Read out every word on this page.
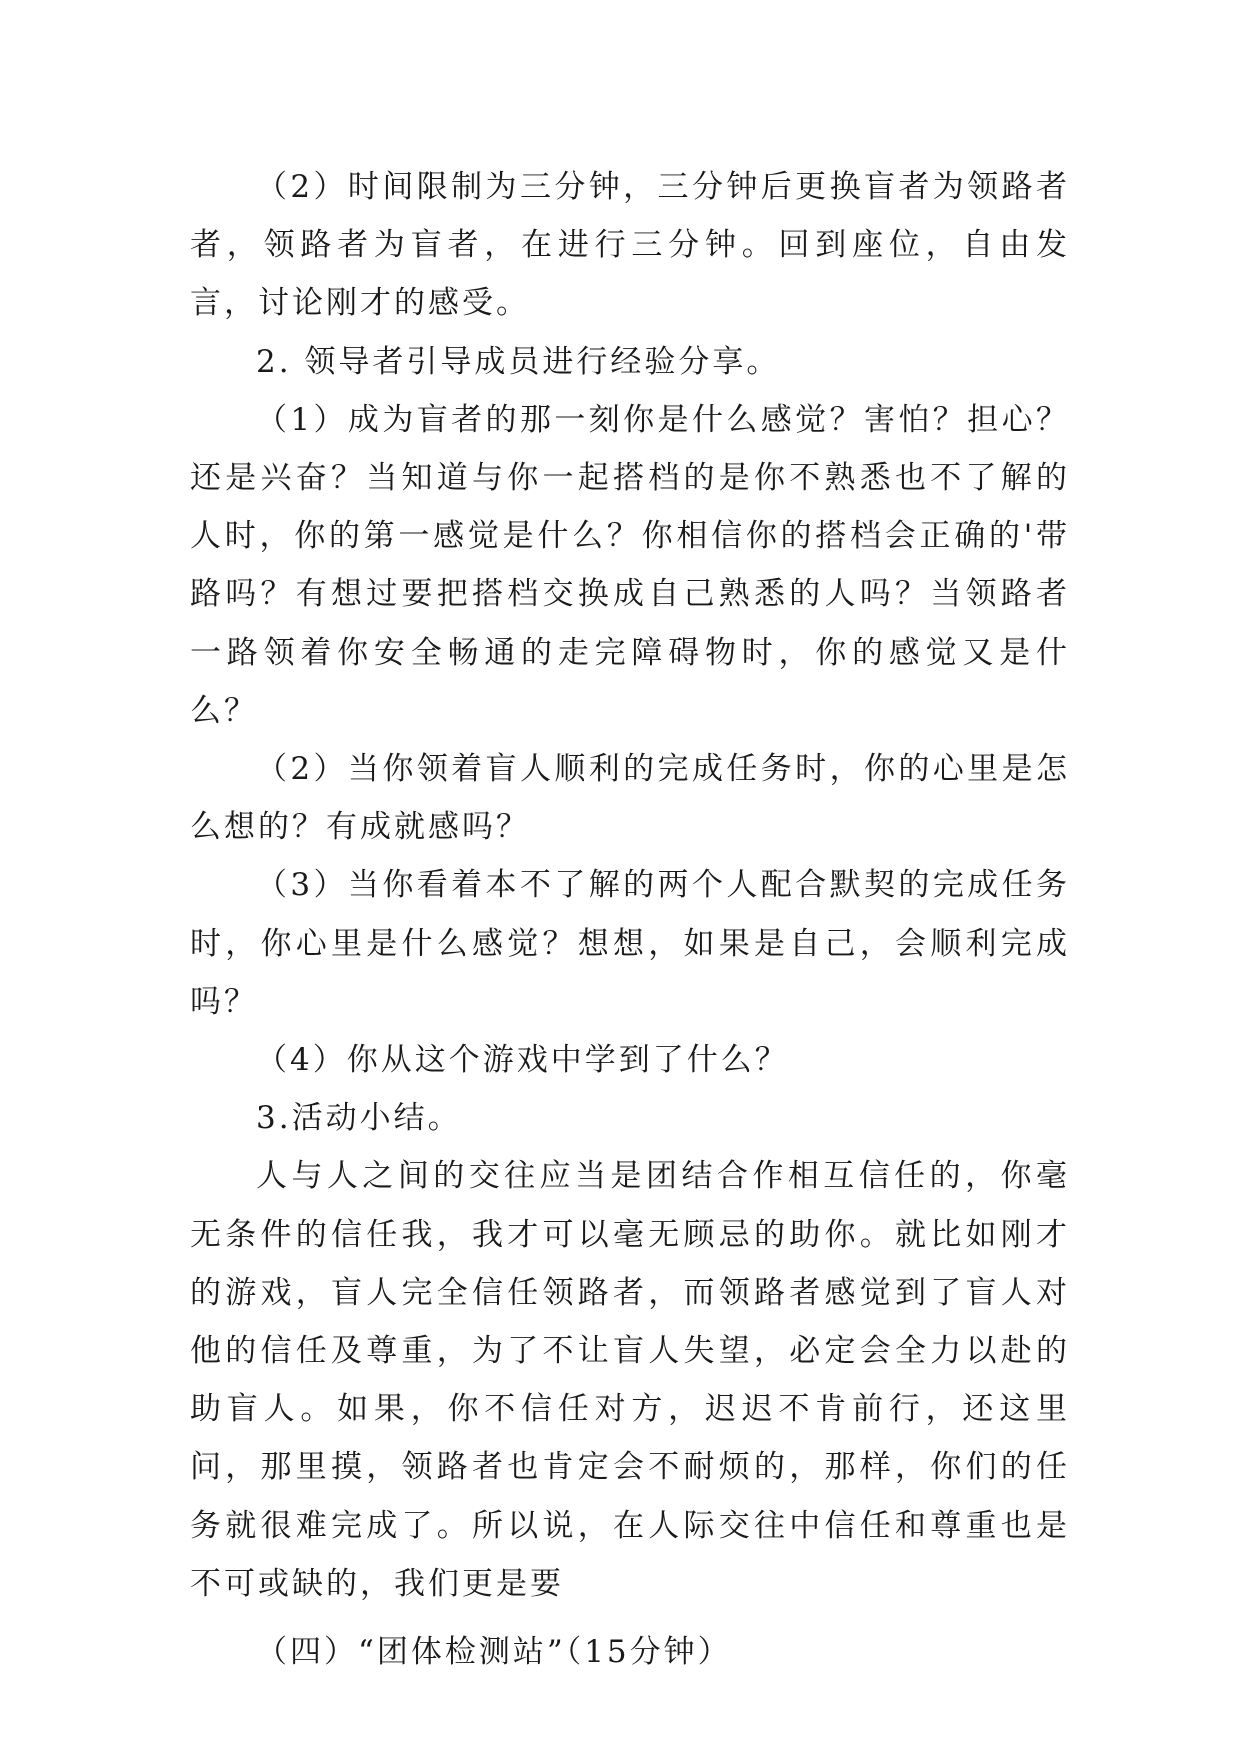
（2）时间限制为三分钟，三分钟后更换盲者为领路者者，领路者为盲者，在进行三分钟。回到座位，自由发言，讨论刚才的感受。

2. 领导者引导成员进行经验分享。

（1）成为盲者的那一刻你是什么感觉？害怕？担心？还是兴奋？当知道与你一起搭档的是你不熟悉也不了解的人时，你的第一感觉是什么？你相信你的搭档会正确的'带路吗？有想过要把搭档交换成自己熟悉的人吗？当领路者一路领着你安全畅通的走完障碍物时，你的感觉又是什么？

（2）当你领着盲人顺利的完成任务时，你的心里是怎么想的？有成就感吗？

（3）当你看着本不了解的两个人配合默契的完成任务时，你心里是什么感觉？想想，如果是自己，会顺利完成吗？

（4）你从这个游戏中学到了什么？

3.活动小结。

人与人之间的交往应当是团结合作相互信任的，你毫无条件的信任我，我才可以毫无顾忌的助你。就比如刚才的游戏，盲人完全信任领路者，而领路者感觉到了盲人对他的信任及尊重，为了不让盲人失望，必定会全力以赴的助盲人。如果，你不信任对方，迟迟不肯前行，还这里问，那里摸，领路者也肯定会不耐烦的，那样，你们的任务就很难完成了。所以说，在人际交往中信任和尊重也是不可或缺的，我们更是要

（四）“团体检测站”（15分钟）
